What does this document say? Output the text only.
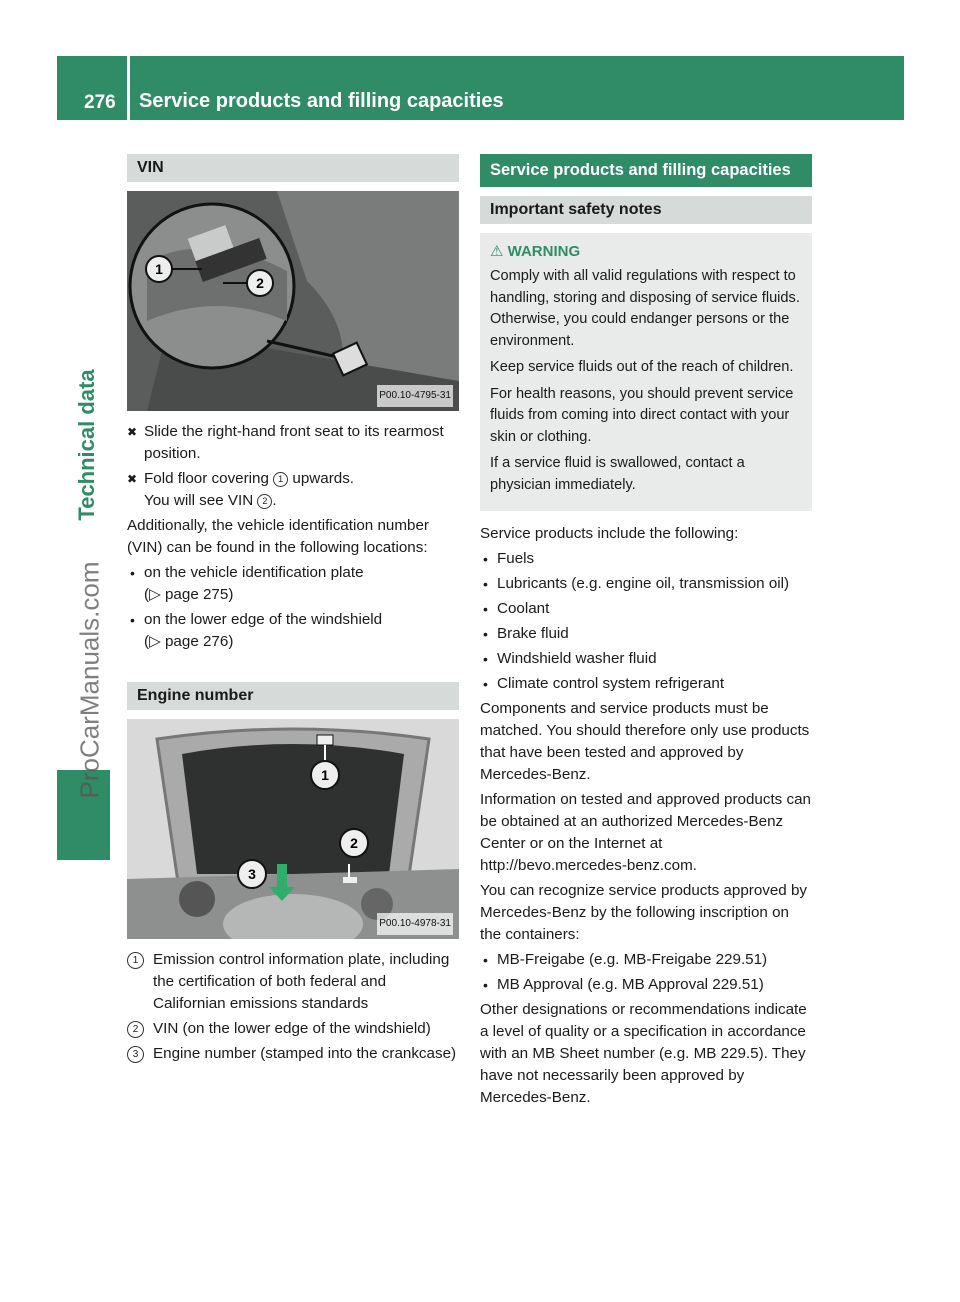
276 Service products and filling capacities
Technical data
ProCarManuals.com
VIN
1
2
P00.10-4795-31
✖ Slide the right-hand front seat to its rearmost position.
✖ Fold floor covering 1 upwards.
You will see VIN 2 .

Additionally, the vehicle identification number (VIN) can be found in the following locations:

• on the vehicle identification plate
(▷ page 275)
• on the lower edge of the windshield
(▷ page 276)
Engine number
1
2
3
P00.10-4978-31
1 Emission control information plate, including the certification of both federal and Californian emissions standards
2 VIN (on the lower edge of the windshield)
3 Engine number (stamped into the crankcase)
Service products and filling capacities
Important safety notes
⚠ WARNING

Comply with all valid regulations with respect to handling, storing and disposing of service fluids. Otherwise, you could endanger persons or the environment.

Keep service fluids out of the reach of children.

For health reasons, you should prevent service fluids from coming into direct contact with your skin or clothing.

If a service fluid is swallowed, contact a physician immediately.

Service products include the following:

• Fuels
• Lubricants (e.g. engine oil, transmission oil)
• Coolant
• Brake fluid
• Windshield washer fluid
• Climate control system refrigerant

Components and service products must be matched. You should therefore only use products that have been tested and approved by Mercedes-Benz.

Information on tested and approved products can be obtained at an authorized Mercedes-Benz Center or on the Internet at http://bevo.mercedes-benz.com.

You can recognize service products approved by Mercedes-Benz by the following inscription on the containers:

• MB-Freigabe (e.g. MB-Freigabe 229.51)
• MB Approval (e.g. MB Approval 229.51)

Other designations or recommendations indicate a level of quality or a specification in accordance with an MB Sheet number (e.g. MB 229.5). They have not necessarily been approved by Mercedes-Benz.
